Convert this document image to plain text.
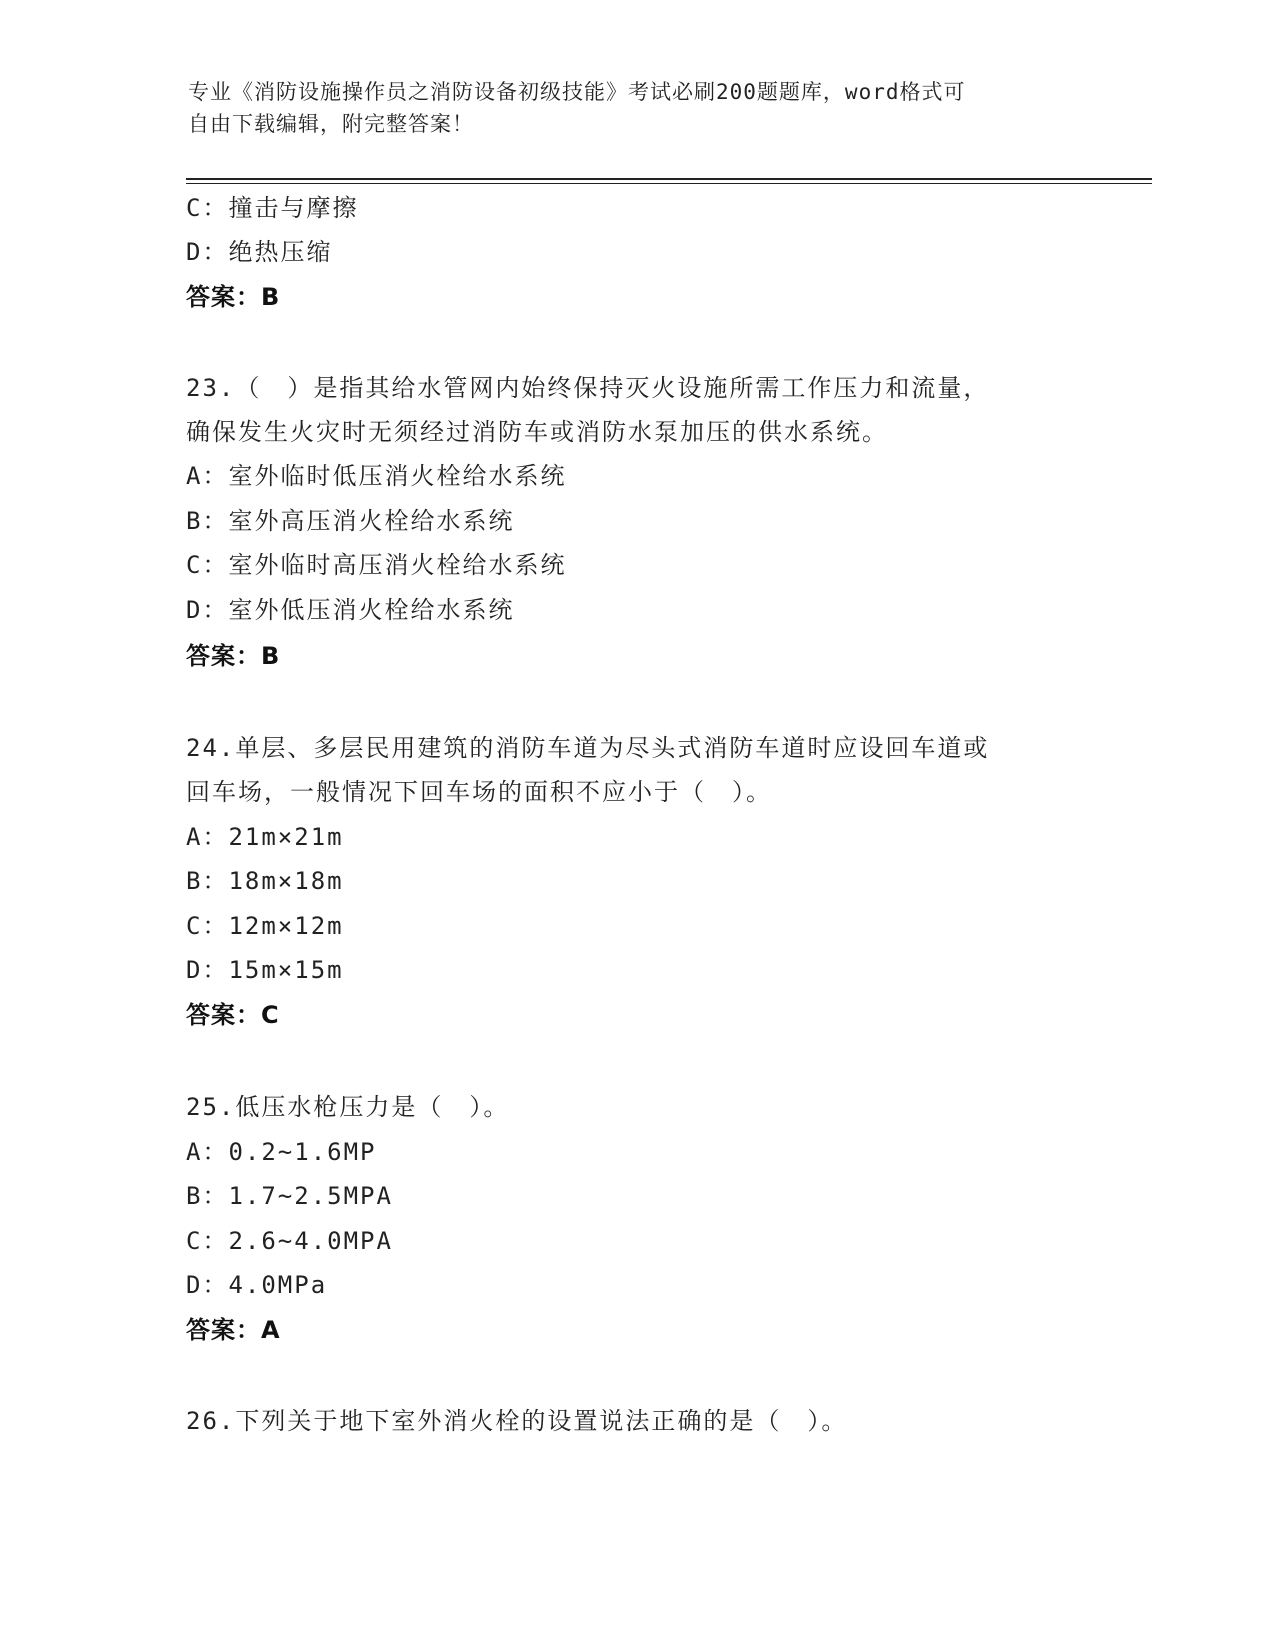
专业《消防设施操作员之消防设备初级技能》考试必刷200题题库，word格式可
自由下载编辑，附完整答案！
C：撞击与摩擦
D：绝热压缩
答案：B
23.（　）是指其给水管网内始终保持灭火设施所需工作压力和流量，
确保发生火灾时无须经过消防车或消防水泵加压的供水系统。
A：室外临时低压消火栓给水系统
B：室外高压消火栓给水系统
C：室外临时高压消火栓给水系统
D：室外低压消火栓给水系统
答案：B
24.单层、多层民用建筑的消防车道为尽头式消防车道时应设回车道或
回车场，一般情况下回车场的面积不应小于（　）。
A：21m×21m
B：18m×18m
C：12m×12m
D：15m×15m
答案：C
25.低压水枪压力是（　）。
A：0.2~1.6MP
B：1.7~2.5MPA
C：2.6~4.0MPA
D：4.0MPa
答案：A
26.下列关于地下室外消火栓的设置说法正确的是（　）。
